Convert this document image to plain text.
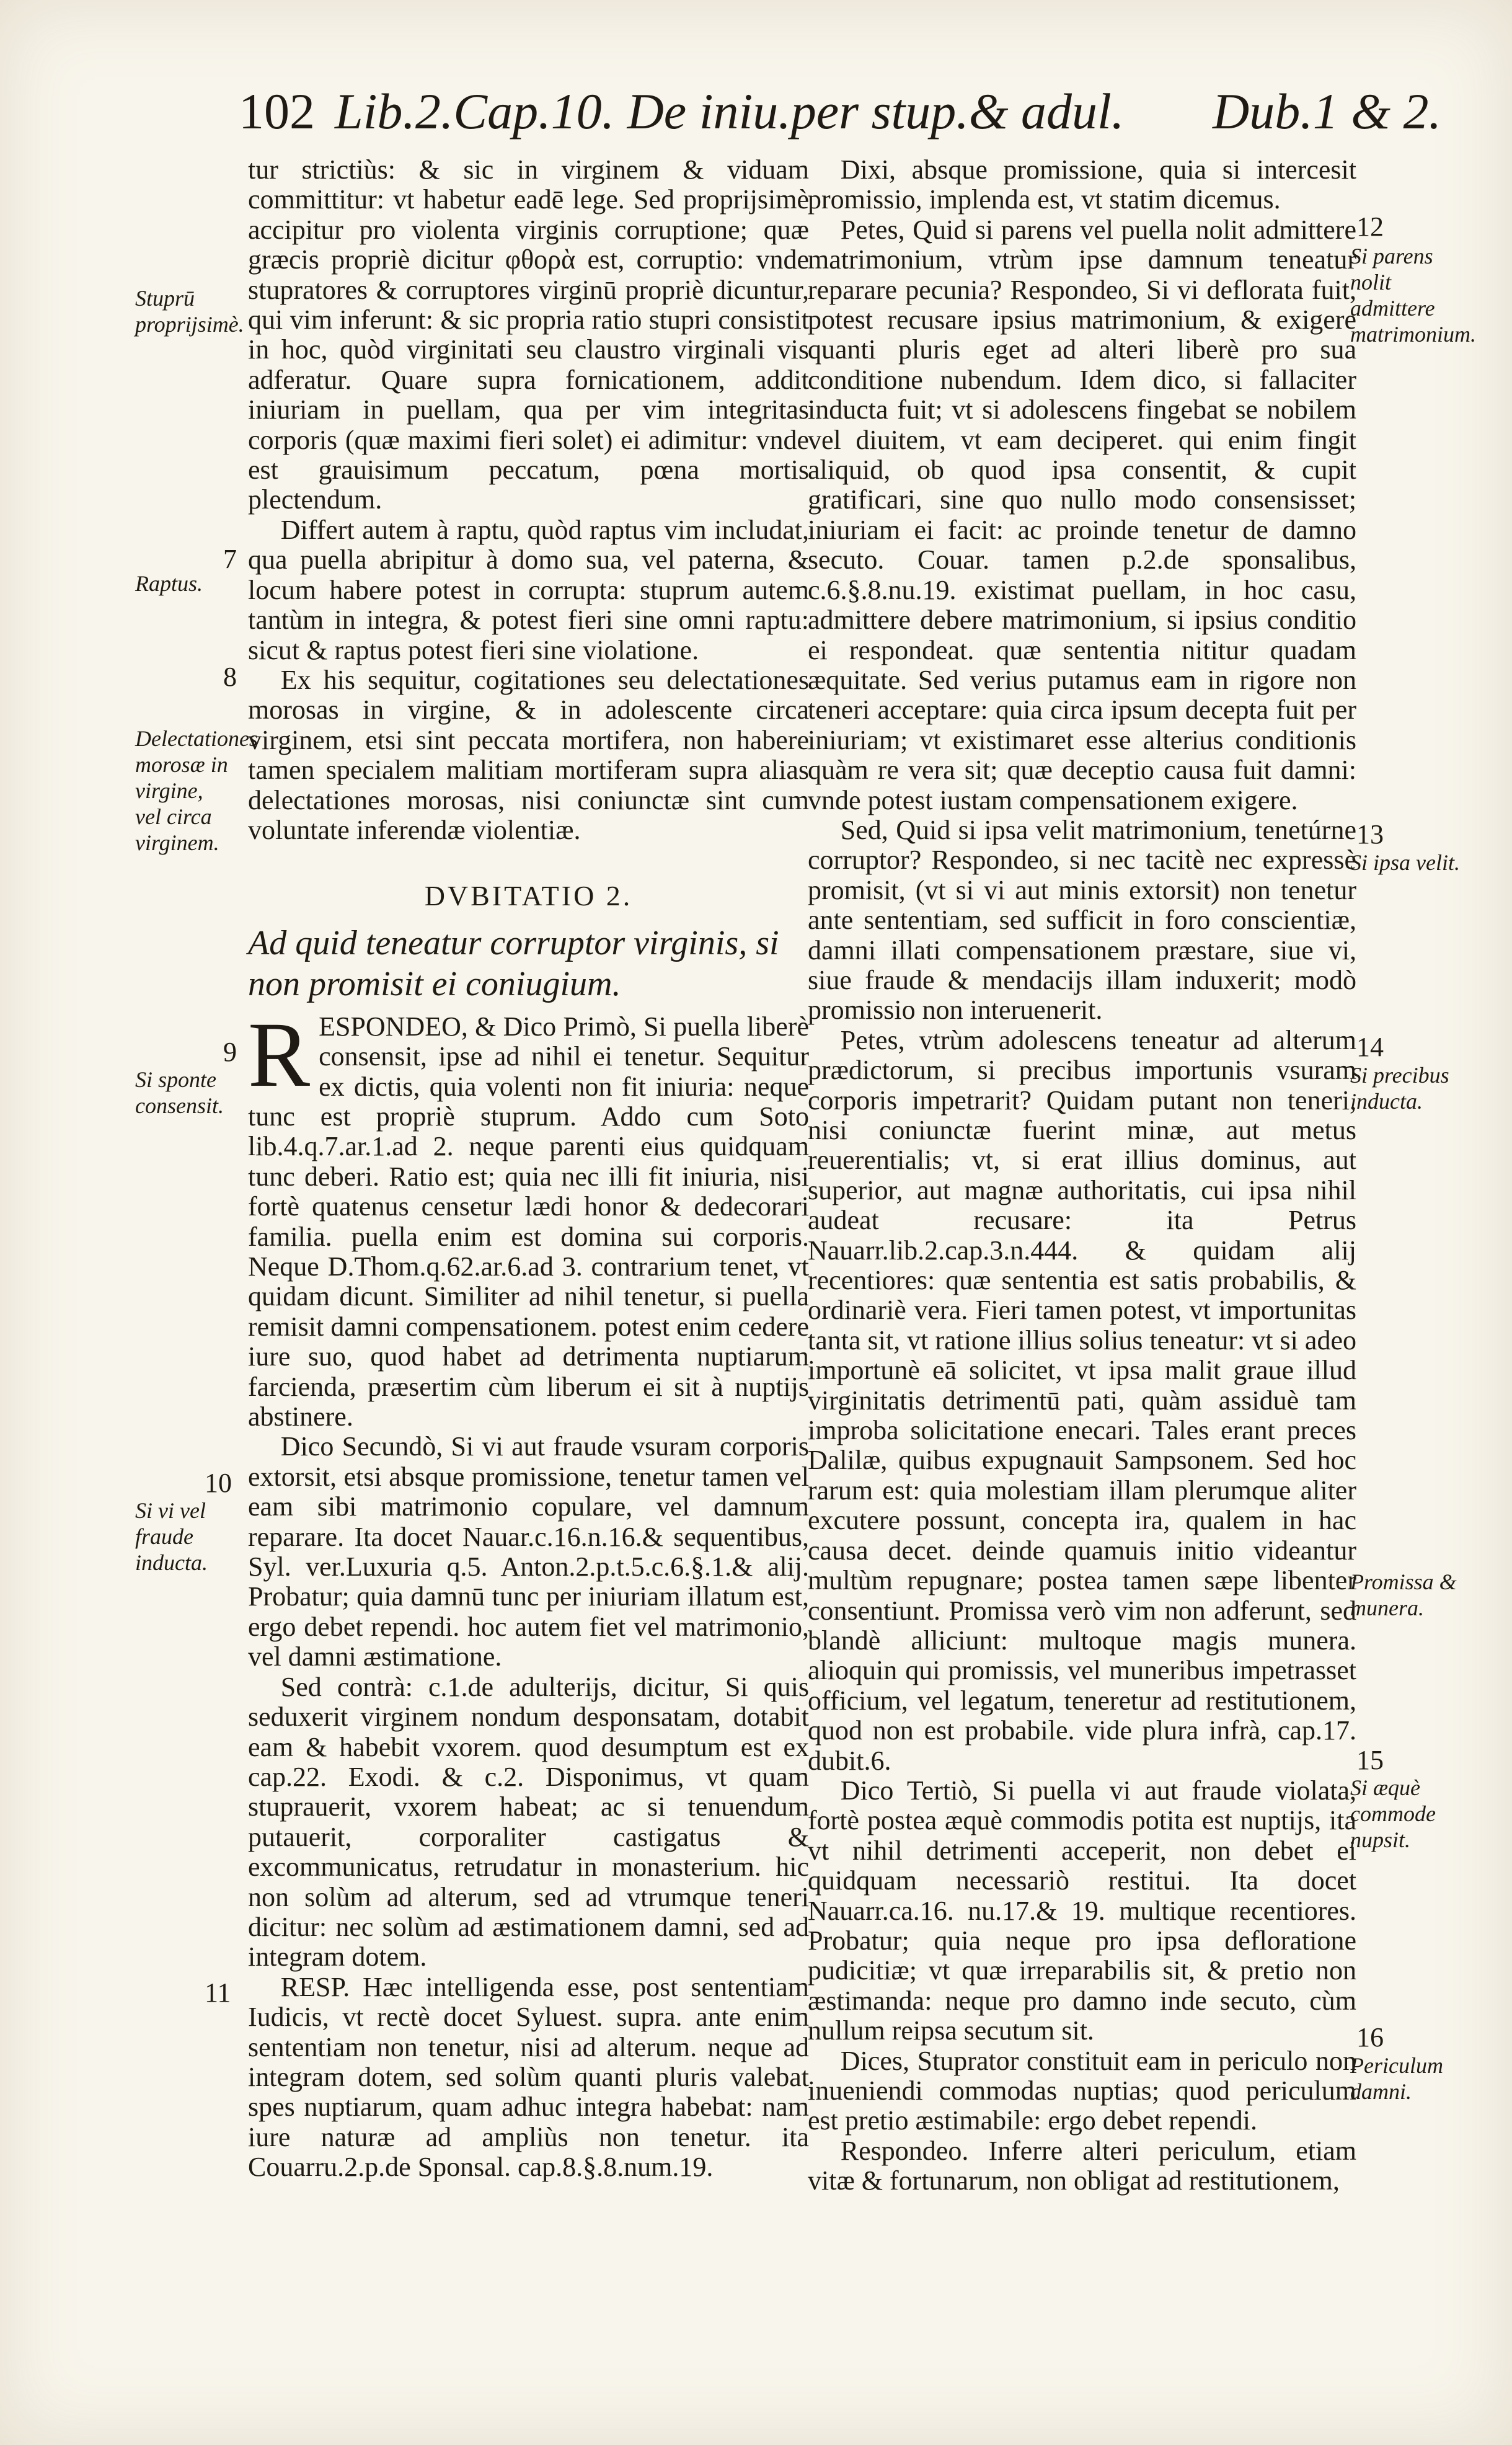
102 Lib.2.Cap.10. De iniu.per stup.& adul. Dub.1 & 2.

tur strictiùs: & sic in virginem & viduam committitur: vt habetur eadē lege. Sed proprijsimè accipitur pro violenta virginis corruptione; quæ græcis propriè dicitur φθορὰ est, corruptio: vnde stupratores & corruptores virginū propriè dicuntur, qui vim inferunt: & sic propria ratio stupri consistit in hoc, quòd virginitati seu claustro virginali vis adferatur. Quare supra fornicationem, addit iniuriam in puellam, qua per vim integritas corporis (quæ maximi fieri solet) ei adimitur: vnde est grauisimum peccatum, pœna mortis plectendum.

Differt autem à raptu, quòd raptus vim includat, qua puella abripitur à domo sua, vel paterna, & locum habere potest in corrupta: stuprum autem tantùm in integra, & potest fieri sine omni raptu: sicut & raptus potest fieri sine violatione.

Ex his sequitur, cogitationes seu delectationes morosas in virgine, & in adolescente circa virginem, etsi sint peccata mortifera, non habere tamen specialem malitiam mortiferam supra alias delectationes morosas, nisi coniunctæ sint cum voluntate inferendæ violentiæ.

DVBITATIO 2.
Ad quid teneatur corruptor virginis, si non promisit ei coniugium.

RESPONDEO, & Dico Primò, Si puella liberè consensit, ipse ad nihil ei tenetur. Sequitur ex dictis, quia volenti non fit iniuria: neque tunc est propriè stuprum. Addo cum Soto lib.4.q.7.ar.1.ad 2. neque parenti eius quidquam tunc deberi. Ratio est; quia nec illi fit iniuria, nisi fortè quatenus censetur lædi honor & dedecorari familia. puella enim est domina sui corporis. Neque D.Thom.q.62.ar.6.ad 3. contrarium tenet, vt quidam dicunt. Similiter ad nihil tenetur, si puella remisit damni compensationem. potest enim cedere iure suo, quod habet ad detrimenta nuptiarum farcienda, præsertim cùm liberum ei sit à nuptijs abstinere.

Dico Secundò, Si vi aut fraude vsuram corporis extorsit, etsi absque promissione, tenetur tamen vel eam sibi matrimonio copulare, vel damnum reparare. Ita docet Nauar.c.16.n.16.& sequentibus, Syl. ver.Luxuria q.5. Anton.2.p.t.5.c.6.§.1.& alij. Probatur; quia damnū tunc per iniuriam illatum est, ergo debet rependi. hoc autem fiet vel matrimonio, vel damni æstimatione.

Sed contrà: c.1.de adulterijs, dicitur, Si quis seduxerit virginem nondum desponsatam, dotabit eam & habebit vxorem. quod desumptum est ex cap.22. Exodi. & c.2. Disponimus, vt quam stuprauerit, vxorem habeat; ac si tenuendum putauerit, corporaliter castigatus & excommunicatus, retrudatur in monasterium. hic non solùm ad alterum, sed ad vtrumque teneri dicitur: nec solùm ad æstimationem damni, sed ad integram dotem.

RESP. Hæc intelligenda esse, post sententiam Iudicis, vt rectè docet Syluest. supra. ante enim sententiam non tenetur, nisi ad alterum. neque ad integram dotem, sed solùm quanti pluris valebat spes nuptiarum, quam adhuc integra habebat: nam iure naturæ ad ampliùs non tenetur. ita Couarru.2.p.de Sponsal. cap.8.§.8.num.19.

Dixi, absque promissione, quia si intercesit promissio, implenda est, vt statim dicemus.

Petes, Quid si parens vel puella nolit admittere matrimonium, vtrùm ipse damnum teneatur reparare pecunia? Respondeo, Si vi deflorata fuit, potest recusare ipsius matrimonium, & exigere quanti pluris eget ad alteri liberè pro sua conditione nubendum. Idem dico, si fallaciter inducta fuit; vt si adolescens fingebat se nobilem vel diuitem, vt eam deciperet. qui enim fingit aliquid, ob quod ipsa consentit, & cupit gratificari, sine quo nullo modo consensisset; iniuriam ei facit: ac proinde tenetur de damno secuto. Couar. tamen p.2.de sponsalibus, c.6.§.8.nu.19. existimat puellam, in hoc casu, admittere debere matrimonium, si ipsius conditio ei respondeat. quæ sententia nititur quadam æquitate. Sed verius putamus eam in rigore non teneri acceptare: quia circa ipsum decepta fuit per iniuriam; vt existimaret esse alterius conditionis quàm re vera sit; quæ deceptio causa fuit damni: vnde potest iustam compensationem exigere.

Sed, Quid si ipsa velit matrimonium, tenetúrne corruptor? Respondeo, si nec tacitè nec expressè promisit, (vt si vi aut minis extorsit) non tenetur ante sententiam, sed sufficit in foro conscientiæ, damni illati compensationem præstare, siue vi, siue fraude & mendacijs illam induxerit; modò promissio non interuenerit.

Petes, vtrùm adolescens teneatur ad alterum prædictorum, si precibus importunis vsuram corporis impetrarit? Quidam putant non teneri, nisi coniunctæ fuerint minæ, aut metus reuerentialis; vt, si erat illius dominus, aut superior, aut magnæ authoritatis, cui ipsa nihil audeat recusare: ita Petrus Nauarr.lib.2.cap.3.n.444. & quidam alij recentiores: quæ sententia est satis probabilis, & ordinariè vera. Fieri tamen potest, vt importunitas tanta sit, vt ratione illius solius teneatur: vt si adeo importunè eā solicitet, vt ipsa malit graue illud virginitatis detrimentū pati, quàm assiduè tam improba solicitatione enecari. Tales erant preces Dalilæ, quibus expugnauit Sampsonem. Sed hoc rarum est: quia molestiam illam plerumque aliter excutere possunt, concepta ira, qualem in hac causa decet. deinde quamuis initio videantur multùm repugnare; postea tamen sæpe libenter consentiunt. Promissa verò vim non adferunt, sed blandè alliciunt: multoque magis munera. alioquin qui promissis, vel muneribus impetrasset officium, vel legatum, teneretur ad restitutionem, quod non est probabile. vide plura infrà, cap.17. dubit.6.

Dico Tertiò, Si puella vi aut fraude violata, fortè postea æquè commodis potita est nuptijs, ita vt nihil detrimenti acceperit, non debet ei quidquam necessariò restitui. Ita docet Nauarr.ca.16. nu.17.& 19. multique recentiores. Probatur; quia neque pro ipsa defloratione pudicitiæ; vt quæ irreparabilis sit, & pretio non æstimanda: neque pro damno inde secuto, cùm nullum reipsa secutum sit.

Dices, Stuprator constituit eam in periculo non inueniendi commodas nuptias; quod periculum est pretio æstimabile: ergo debet rependi.

Respondeo. Inferre alteri periculum, etiam vitæ & fortunarum, non obligat ad restitutionem,

Stuprū proprijsimè.
7
Raptus.
8
Delectationes morosæ in virgine, vel circa virginem.
9
Si sponte consensit.
10
Si vi vel fraude inducta.
11
12
Si parens nolit admittere matrimonium.
13
Si ipsa velit.
14
Si precibus inducta.
Promissa & munera.
15
Si æquè commode nupsit.
16
Periculum damni.
